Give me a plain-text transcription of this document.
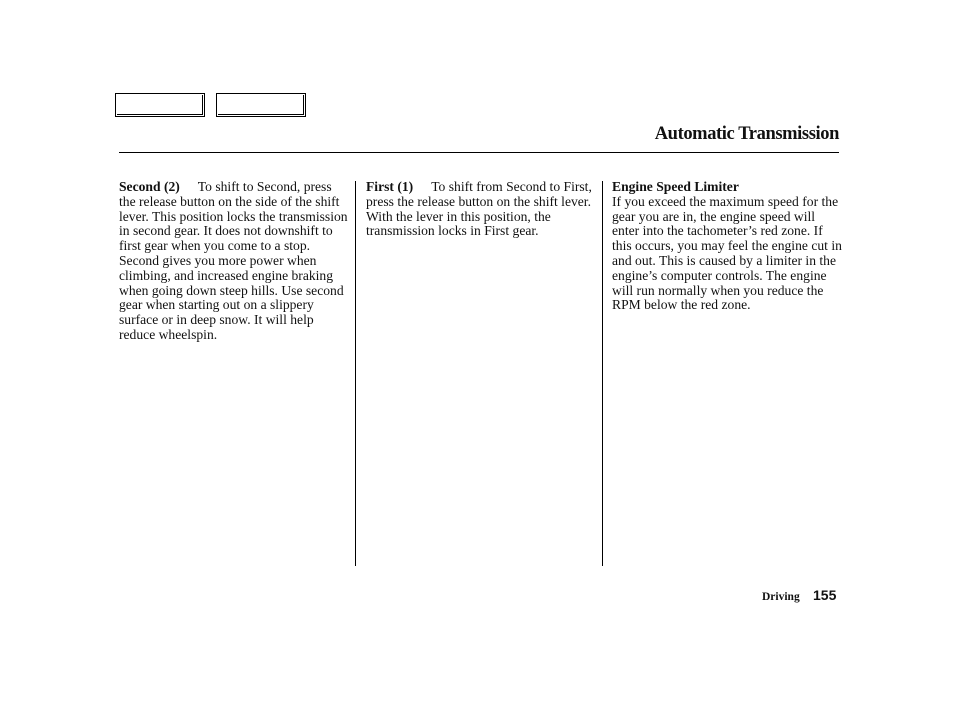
Automatic Transmission
Second (2) To shift to Second, press the release button on the side of the shift lever. This position locks the transmission in second gear. It does not downshift to first gear when you come to a stop. Second gives you more power when climbing, and increased engine braking when going down steep hills. Use second gear when starting out on a slippery surface or in deep snow. It will help reduce wheelspin.
First (1) To shift from Second to First, press the release button on the shift lever. With the lever in this position, the transmission locks in First gear.
Engine Speed Limiter
If you exceed the maximum speed for the gear you are in, the engine speed will enter into the tachometer’s red zone. If this occurs, you may feel the engine cut in and out. This is caused by a limiter in the engine’s computer controls. The engine will run normally when you reduce the RPM below the red zone.
Driving 155
